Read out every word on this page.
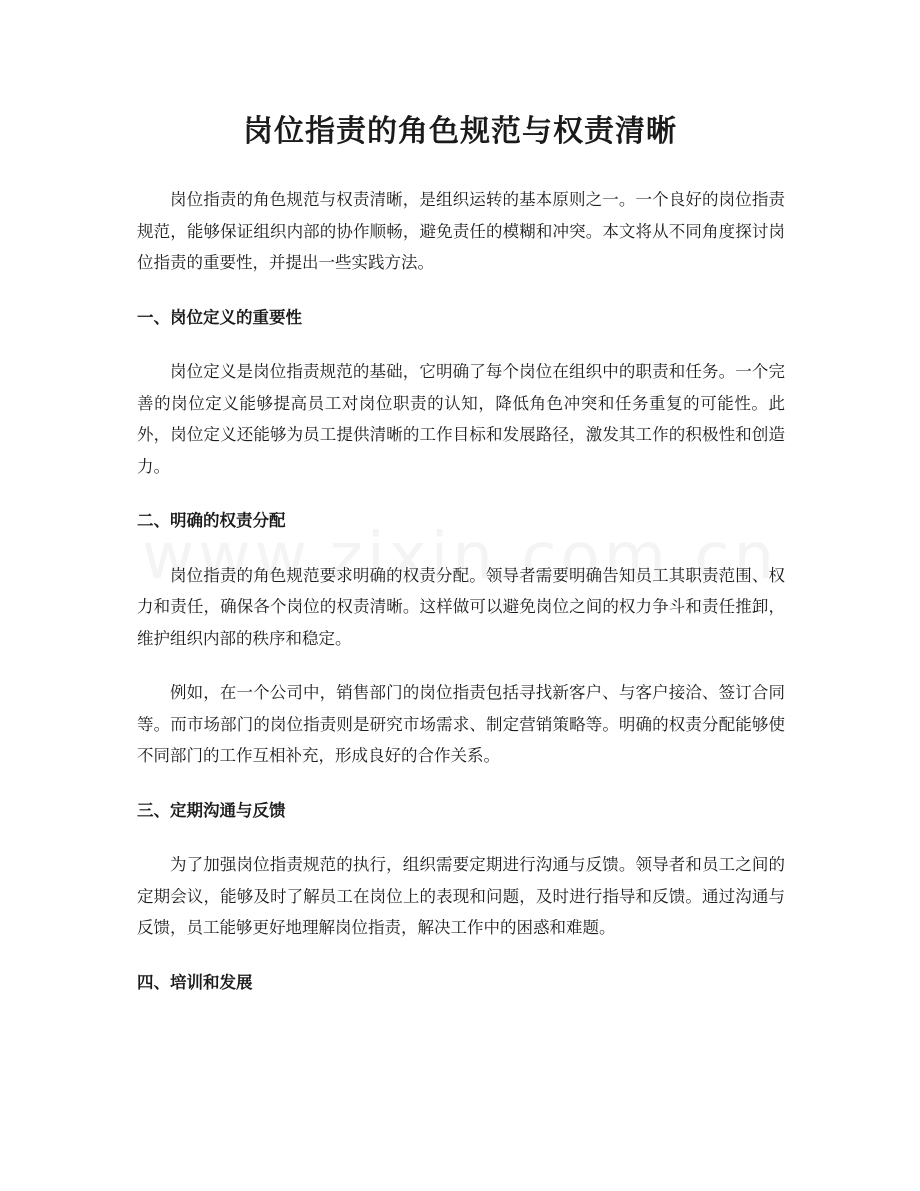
岗位指责的角色规范与权责清晰

岗位指责的角色规范与权责清晰，是组织运转的基本原则之一。一个良好的岗位指责规范，能够保证组织内部的协作顺畅，避免责任的模糊和冲突。本文将从不同角度探讨岗位指责的重要性，并提出一些实践方法。

一、岗位定义的重要性

岗位定义是岗位指责规范的基础，它明确了每个岗位在组织中的职责和任务。一个完善的岗位定义能够提高员工对岗位职责的认知，降低角色冲突和任务重复的可能性。此外，岗位定义还能够为员工提供清晰的工作目标和发展路径，激发其工作的积极性和创造力。

二、明确的权责分配

岗位指责的角色规范要求明确的权责分配。领导者需要明确告知员工其职责范围、权力和责任，确保各个岗位的权责清晰。这样做可以避免岗位之间的权力争斗和责任推卸，维护组织内部的秩序和稳定。

例如，在一个公司中，销售部门的岗位指责包括寻找新客户、与客户接洽、签订合同等。而市场部门的岗位指责则是研究市场需求、制定营销策略等。明确的权责分配能够使不同部门的工作互相补充，形成良好的合作关系。

三、定期沟通与反馈

为了加强岗位指责规范的执行，组织需要定期进行沟通与反馈。领导者和员工之间的定期会议，能够及时了解员工在岗位上的表现和问题，及时进行指导和反馈。通过沟通与反馈，员工能够更好地理解岗位指责，解决工作中的困惑和难题。

四、培训和发展
